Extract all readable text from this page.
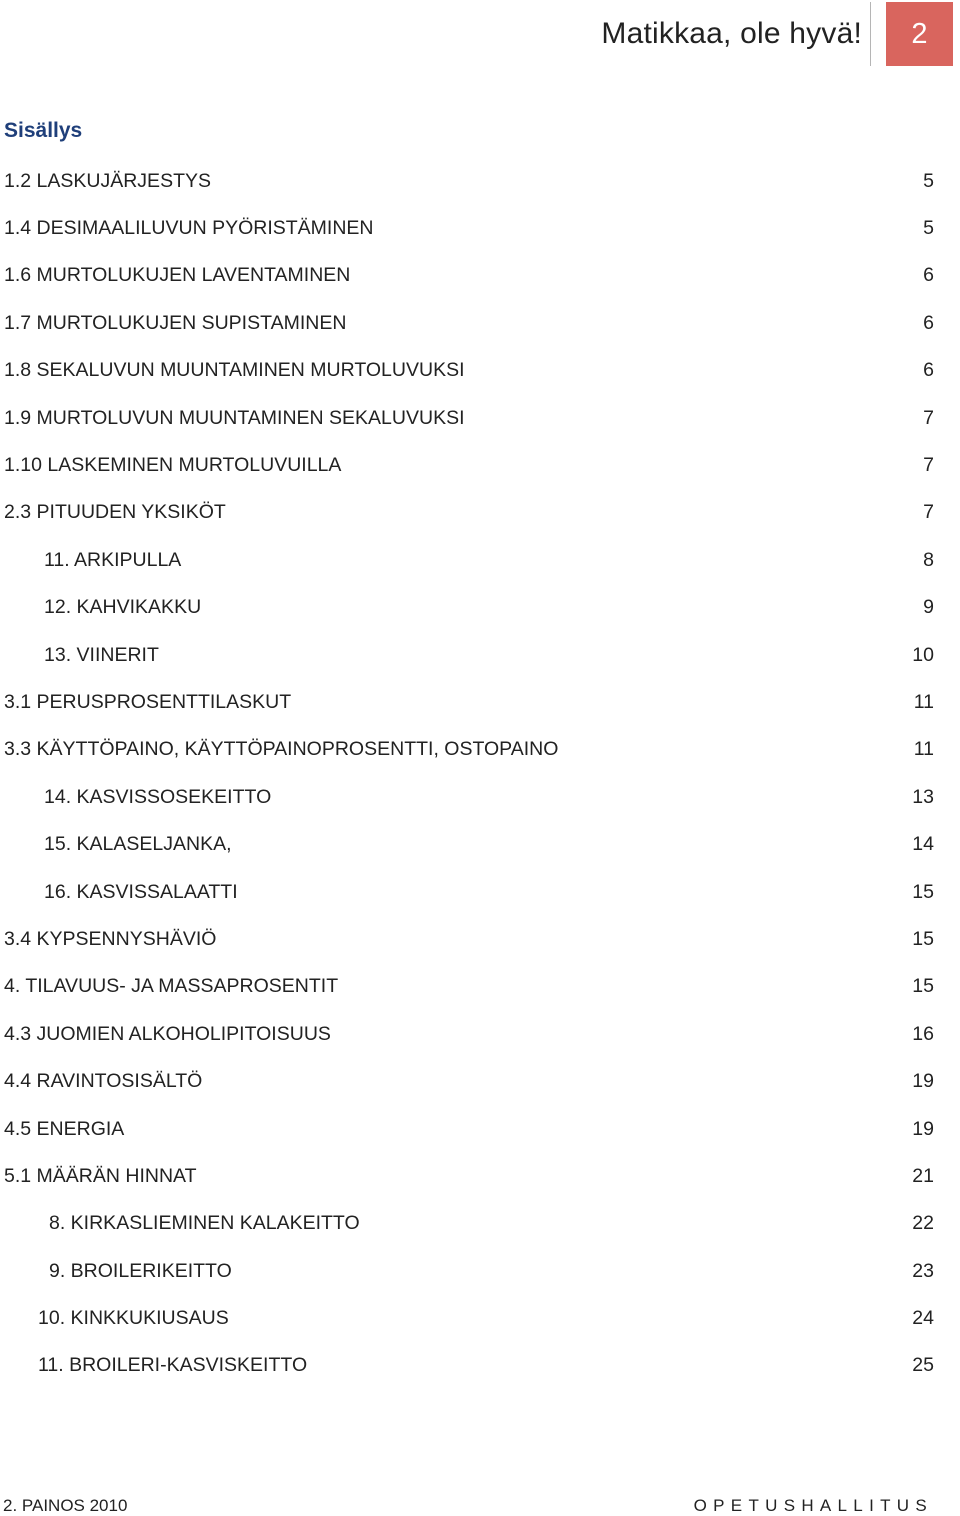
Matikkaa, ole hyvä!	2
Sisällys
1.2 LASKUJÄRJESTYS	5
1.4 DESIMAALILUVUN PYÖRISTÄMINEN	5
1.6 MURTOLUKUJEN LAVENTAMINEN	6
1.7 MURTOLUKUJEN SUPISTAMINEN	6
1.8 SEKALUVUN MUUNTAMINEN MURTOLUVUKSI	6
1.9 MURTOLUVUN MUUNTAMINEN SEKALUVUKSI	7
1.10 LASKEMINEN MURTOLUVUILLA	7
2.3 PITUUDEN YKSIKÖT	7
11. ARKIPULLA	8
12. KAHVIKAKKU	9
13. VIINERIT	10
3.1 PERUSPROSENTTILASKUT	11
3.3 KÄYTTÖPAINO, KÄYTTÖPAINOPROSENTTI, OSTOPAINO	11
14. KASVISSOSEKEITTO	13
15. KALASELJANKA,	14
16. KASVISSALAATTI	15
3.4 KYPSENNYSHÄVIÖ	15
4. TILAVUUS- JA MASSAPROSENTIT	15
4.3 JUOMIEN ALKOHOLIPITOISUUS	16
4.4 RAVINTOSISÄLTÖ	19
4.5 ENERGIA	19
5.1 MÄÄRÄN HINNAT	21
8. KIRKASLIEMINEN KALAKEITTO	22
9. BROILERIKEITTO	23
10. KINKKUKIUSAUS	24
11. BROILERI-KASVISKEITTO	25
2. PAINOS 2010	OPETUSHALLITUS
